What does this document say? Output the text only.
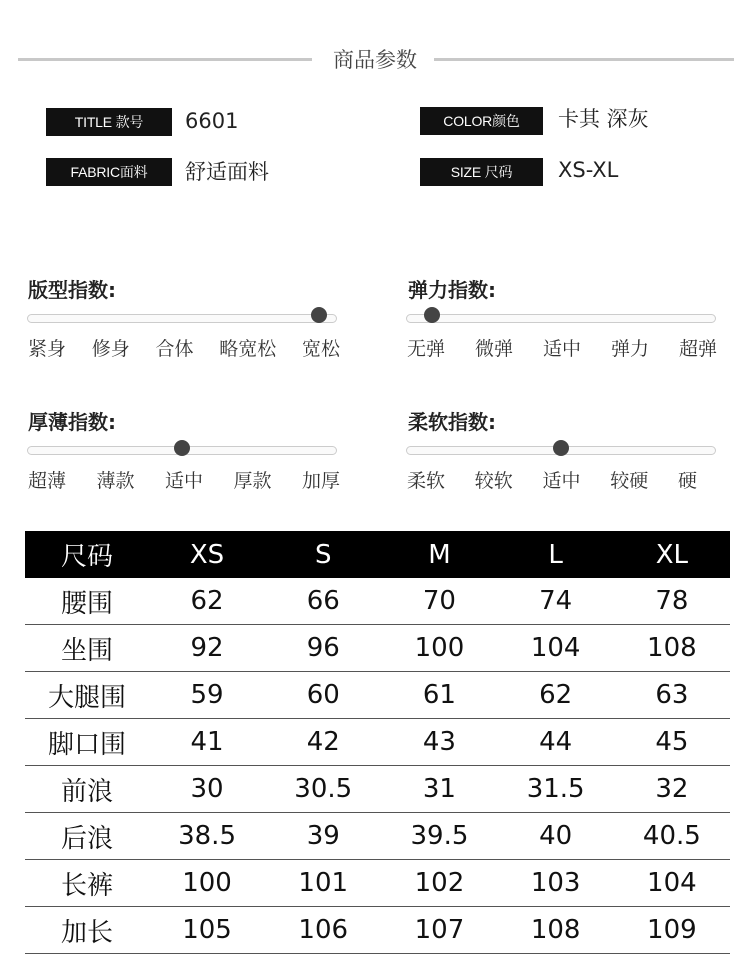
商品参数
TITLE 款号	6601	COLOR颜色	卡其 深灰
FABRIC面料	舒适面料	SIZE 尺码	XS-XL
版型指数:
紧身 修身 合体 略宽松 宽松
弹力指数:
无弹 微弹 适中 弹力 超弹
厚薄指数:
超薄 薄款 适中 厚款 加厚
柔软指数:
柔软 较软 适中 较硬 硬
尺码	XS	S	M	L	XL
腰围	62	66	70	74	78
坐围	92	96	100	104	108
大腿围	59	60	61	62	63
脚口围	41	42	43	44	45
前浪	30	30.5	31	31.5	32
后浪	38.5	39	39.5	40	40.5
长裤	100	101	102	103	104
加长	105	106	107	108	109
